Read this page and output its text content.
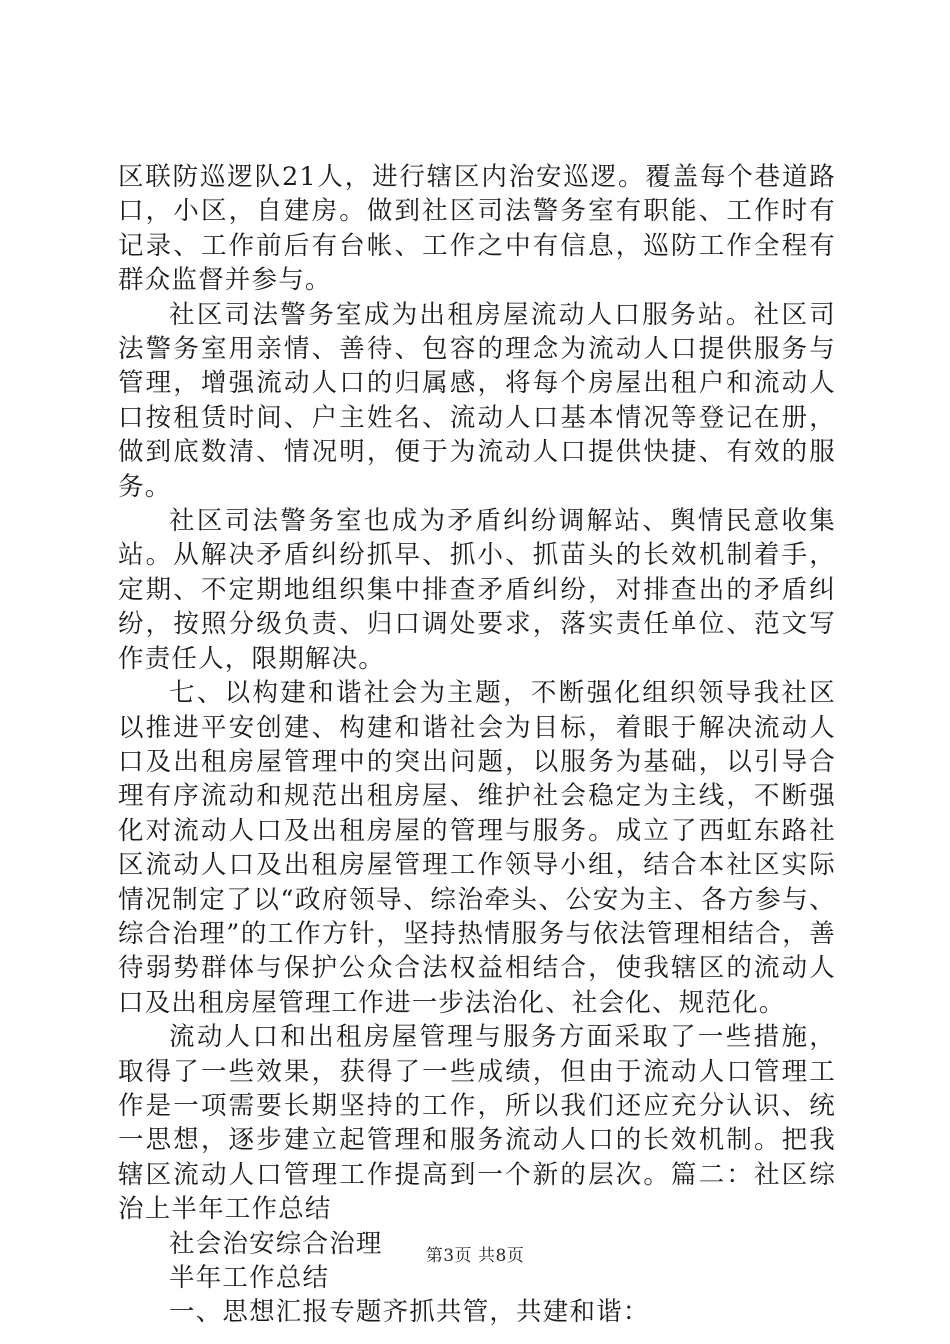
区联防巡逻队21人，进行辖区内治安巡逻。覆盖每个巷道路口，小区，自建房。做到社区司法警务室有职能、工作时有记录、工作前后有台帐、工作之中有信息，巡防工作全程有群众监督并参与。

社区司法警务室成为出租房屋流动人口服务站。社区司法警务室用亲情、善待、包容的理念为流动人口提供服务与管理，增强流动人口的归属感，将每个房屋出租户和流动人口按租赁时间、户主姓名、流动人口基本情况等登记在册，做到底数清、情况明，便于为流动人口提供快捷、有效的服务。

社区司法警务室也成为矛盾纠纷调解站、舆情民意收集站。从解决矛盾纠纷抓早、抓小、抓苗头的长效机制着手，定期、不定期地组织集中排查矛盾纠纷，对排查出的矛盾纠纷，按照分级负责、归口调处要求，落实责任单位、范文写作责任人，限期解决。

七、以构建和谐社会为主题，不断强化组织领导我社区以推进平安创建、构建和谐社会为目标，着眼于解决流动人口及出租房屋管理中的突出问题，以服务为基础，以引导合理有序流动和规范出租房屋、维护社会稳定为主线，不断强化对流动人口及出租房屋的管理与服务。成立了西虹东路社区流动人口及出租房屋管理工作领导小组，结合本社区实际情况制定了以“政府领导、综治牵头、公安为主、各方参与、综合治理”的工作方针，坚持热情服务与依法管理相结合，善待弱势群体与保护公众合法权益相结合，使我辖区的流动人口及出租房屋管理工作进一步法治化、社会化、规范化。

流动人口和出租房屋管理与服务方面采取了一些措施，取得了一些效果，获得了一些成绩，但由于流动人口管理工作是一项需要长期坚持的工作，所以我们还应充分认识、统一思想，逐步建立起管理和服务流动人口的长效机制。把我辖区流动人口管理工作提高到一个新的层次。篇二：社区综治上半年工作总结

社会治安综合治理

半年工作总结

一、思想汇报专题齐抓共管，共建和谐：

第3页 共8页
